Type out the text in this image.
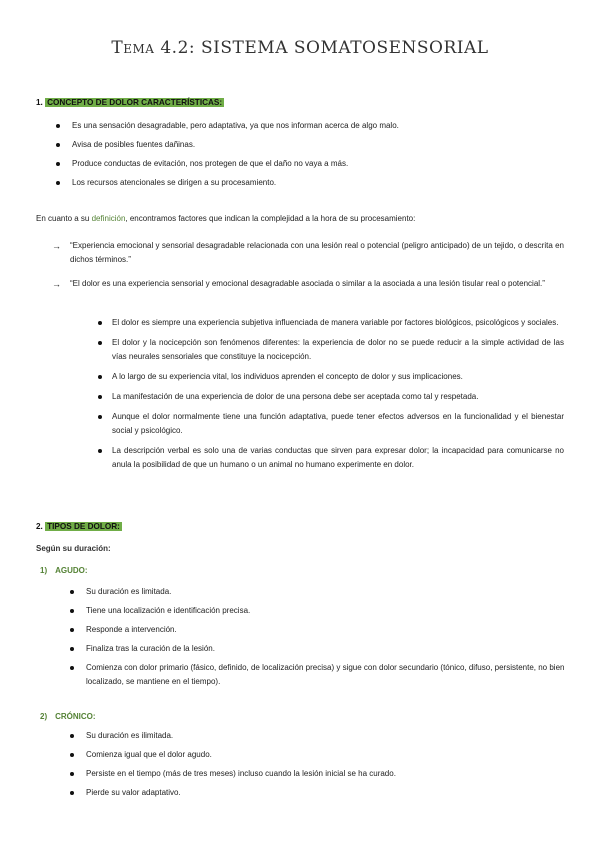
Tema 4.2: SISTEMA SOMATOSENSORIAL
1. CONCEPTO DE DOLOR CARACTERÍSTICAS:
Es una sensación desagradable, pero adaptativa, ya que nos informan acerca de algo malo.
Avisa de posibles fuentes dañinas.
Produce conductas de evitación, nos protegen de que el daño no vaya a más.
Los recursos atencionales se dirigen a su procesamiento.
En cuanto a su definición, encontramos factores que indican la complejidad a la hora de su procesamiento:
→ “Experiencia emocional y sensorial desagradable relacionada con una lesión real o potencial (peligro anticipado) de un tejido, o descrita en dichos términos.”
→ “El dolor es una experiencia sensorial y emocional desagradable asociada o similar a la asociada a una lesión tisular real o potencial.”
El dolor es siempre una experiencia subjetiva influenciada de manera variable por factores biológicos, psicológicos y sociales.
El dolor y la nocicepción son fenómenos diferentes: la experiencia de dolor no se puede reducir a la simple actividad de las vías neurales sensoriales que constituye la nocicepción.
A lo largo de su experiencia vital, los individuos aprenden el concepto de dolor y sus implicaciones.
La manifestación de una experiencia de dolor de una persona debe ser aceptada como tal y respetada.
Aunque el dolor normalmente tiene una función adaptativa, puede tener efectos adversos en la funcionalidad y el bienestar social y psicológico.
La descripción verbal es solo una de varias conductas que sirven para expresar dolor; la incapacidad para comunicarse no anula la posibilidad de que un humano o un animal no humano experimente en dolor.
2. TIPOS DE DOLOR:
Según su duración:
1) AGUDO:
Su duración es limitada.
Tiene una localización e identificación precisa.
Responde a intervención.
Finaliza tras la curación de la lesión.
Comienza con dolor primario (fásico, definido, de localización precisa) y sigue con dolor secundario (tónico, difuso, persistente, no bien localizado, se mantiene en el tiempo).
2) CRÓNICO:
Su duración es ilimitada.
Comienza igual que el dolor agudo.
Persiste en el tiempo (más de tres meses) incluso cuando la lesión inicial se ha curado.
Pierde su valor adaptativo.
